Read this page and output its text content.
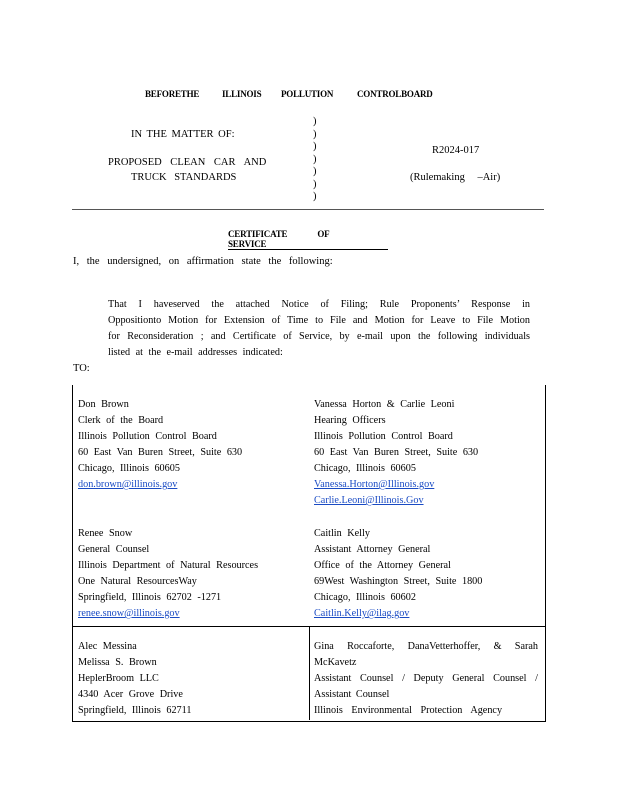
BEFORETHE	ILLINOIS POLLUTION	CONTROLBOARD
IN THE MATTER OF:
PROPOSED CLEAN CAR AND
TRUCK STANDARDS
)
)
)
)
)
)
)
R2024-017
(Rulemaking –Air)
CERTIFICATE OF SERVICE
I, the undersigned, on affirmation state the following:
That I haveserved the attached Notice of Filing; Rule Proponents’ Response in
Oppositionto Motion for Extension of Time to File and Motion for Leave to File Motion
for Reconsideration ; and Certificate of Service, by e-mail upon the following individuals
listed at the e-mail addresses indicated:
TO:
Don Brown
Clerk of the Board
Illinois Pollution Control Board
60 East Van Buren Street, Suite 630
Chicago, Illinois 60605
don.brown@illinois.gov
Vanessa Horton & Carlie Leoni
Hearing Officers
Illinois Pollution Control Board
60 East Van Buren Street, Suite 630
Chicago, Illinois 60605
Vanessa.Horton@Illinois.gov
Carlie.Leoni@Illinois.Gov
Renee Snow
General Counsel
Illinois Department of Natural Resources
One Natural ResourcesWay
Springfield, Illinois 62702 -1271
renee.snow@illinois.gov
Caitlin Kelly
Assistant Attorney General
Office of the Attorney General
69West Washington Street, Suite 1800
Chicago, Illinois 60602
Caitlin.Kelly@ilag.gov
Alec Messina
Melissa S. Brown
HeplerBroom LLC
4340 Acer Grove Drive
Springfield, Illinois 62711
Gina Roccaforte, DanaVetterhoffer, & Sarah
McKavetz
Assistant Counsel / Deputy General Counsel /
Assistant Counsel
Illinois Environmental Protection Agency
